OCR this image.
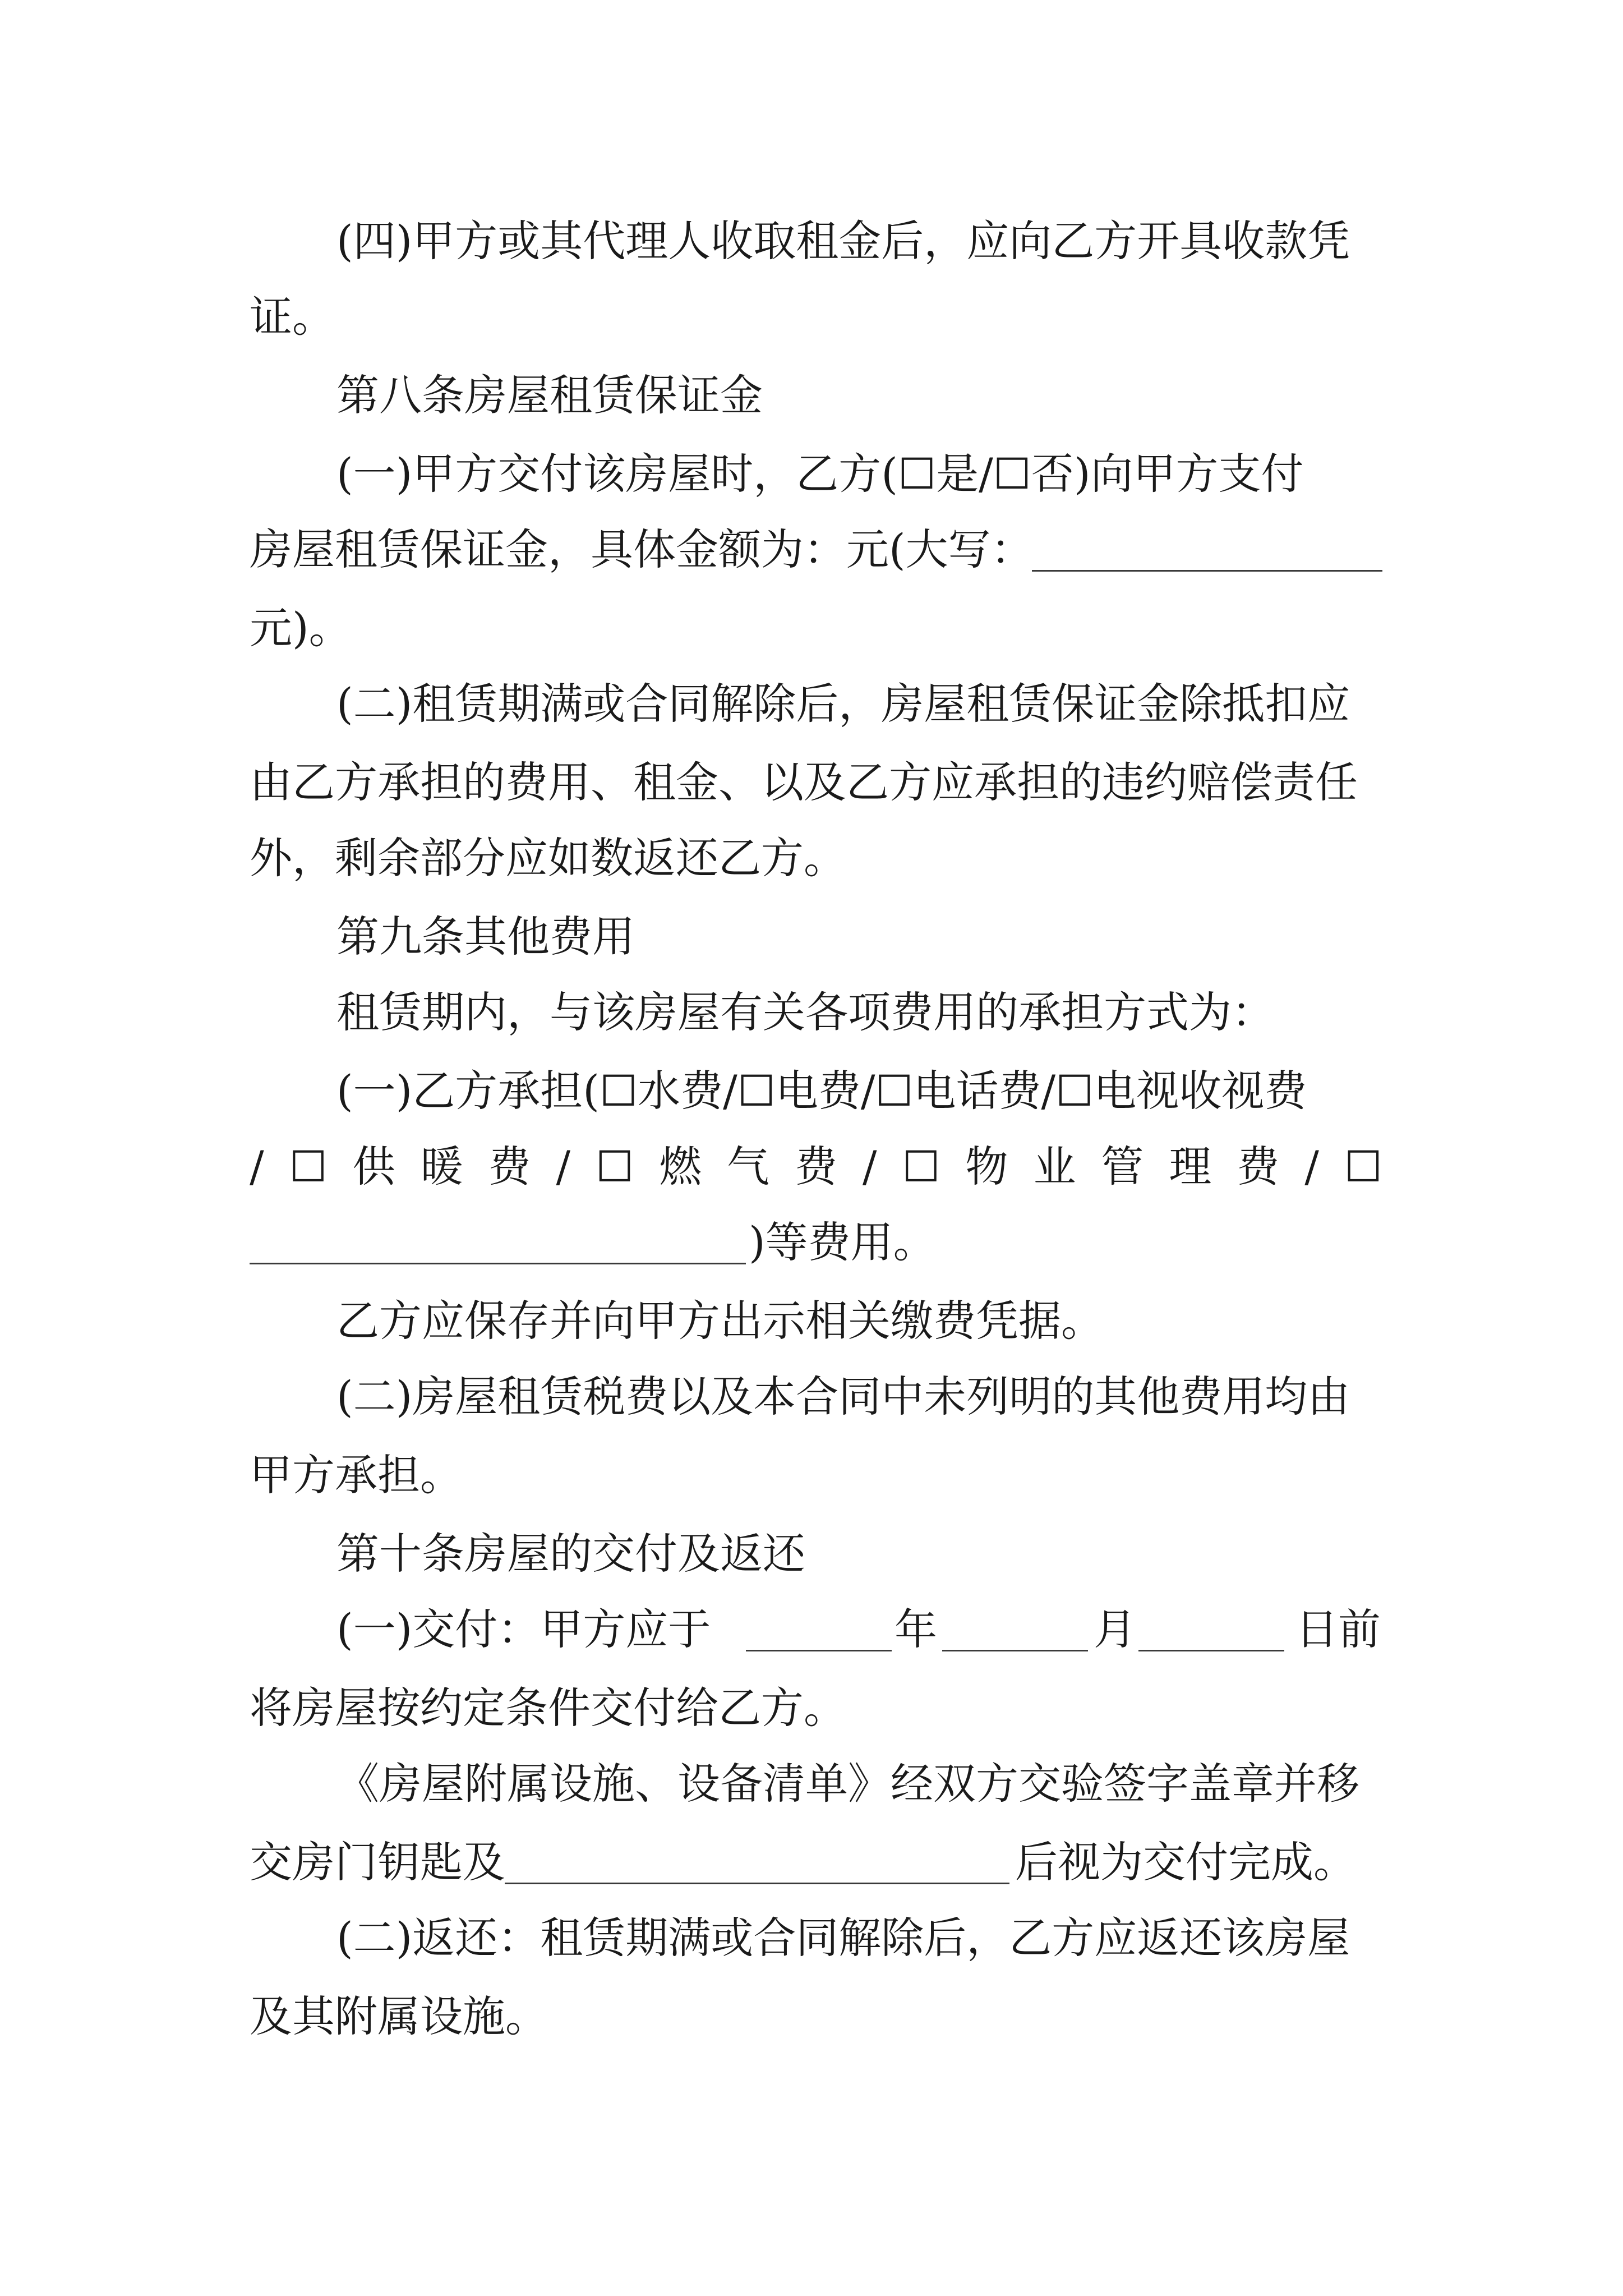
(四)甲方或其代理人收取租金后，应向乙方开具收款凭
证。
第八条房屋租赁保证金
(一)甲方交付该房屋时，乙方(☐是/☐否)向甲方支付
房屋租赁保证金，具体金额为：元(大写：
元)。
(二)租赁期满或合同解除后，房屋租赁保证金除抵扣应
由乙方承担的费用、租金、以及乙方应承担的违约赔偿责任
外，剩余部分应如数返还乙方。
第九条其他费用
租赁期内，与该房屋有关各项费用的承担方式为：
(一)乙方承担(☐水费/☐电费/☐电话费/☐电视收视费
/ ☐ 供 暖 费 / ☐ 燃 气 费 / ☐ 物 业 管 理 费 / ☐
)等费用。
乙方应保存并向甲方出示相关缴费凭据。
(二)房屋租赁税费以及本合同中未列明的其他费用均由
甲方承担。
第十条房屋的交付及返还
(一)交付：甲方应于	年	月	日前
将房屋按约定条件交付给乙方。
《房屋附属设施、设备清单》经双方交验签字盖章并移
交房门钥匙及	后视为交付完成。
(二)返还：租赁期满或合同解除后，乙方应返还该房屋
及其附属设施。
